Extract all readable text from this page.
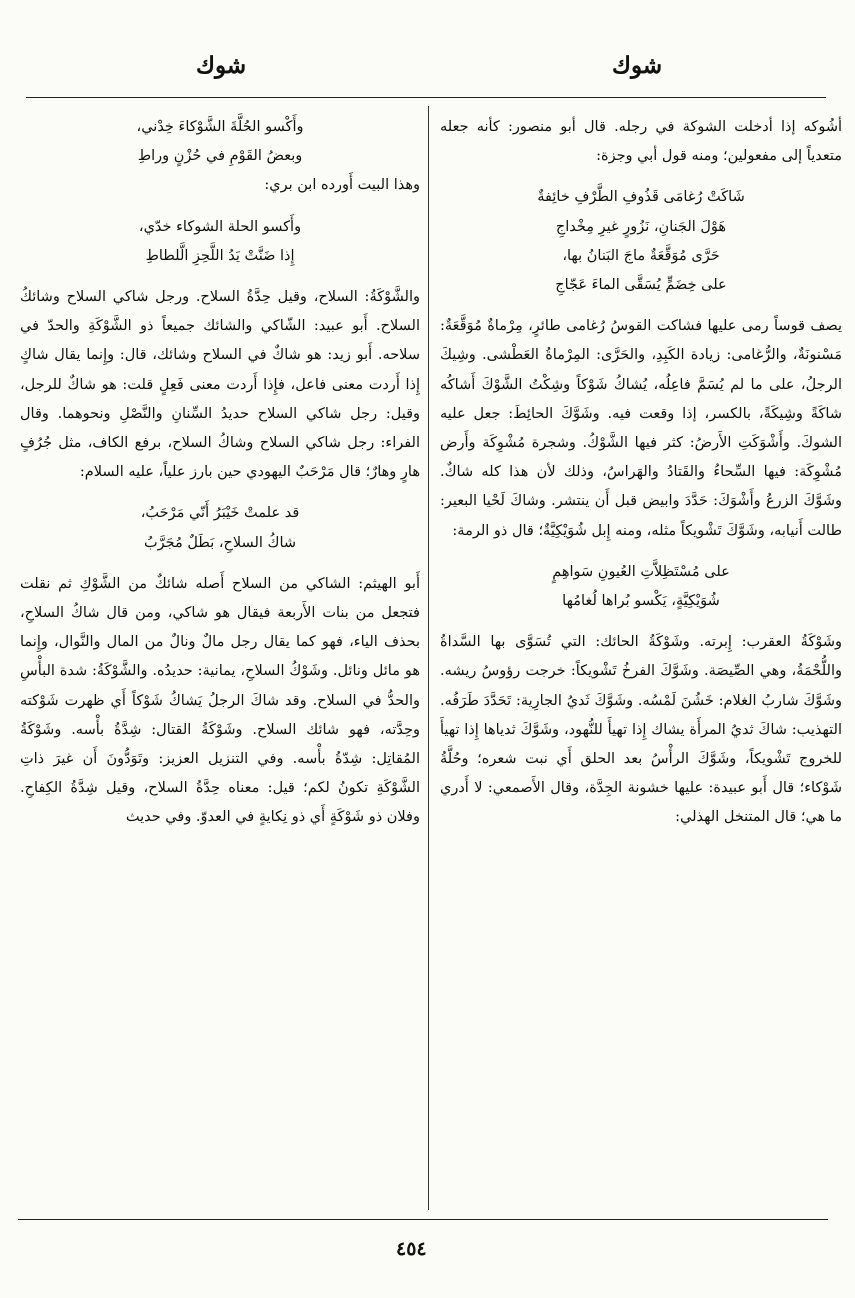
شوك
شوك

أشُوكه إذا أدخلت الشوكة في رجله. قال أبو منصور: كأنه جعله متعدياً إلى مفعولين؛ ومنه قول أبي وجزة:

شَاكَتْ رُغامَى قَذُوفِ الطَّرْفِ خائِفةٌ

هَوْلَ الجَنانِ، نَزُورٍ غيرِ مِخْداجِ

حَرَّى مُوَقَّعَةٌ ماجَ البَنانُ بها،

على خِضَمٍّ يُسَقَّى الماءَ عَجّاجِ

يصف قوساً رمى عليها فشاكت القوسُ رُغامى طائرٍ، مِرْماةٌ مُوَقَّعَةٌ: مَسْنونَةٌ، والرُّغامى: زيادة الكَبِدِ، والحَرَّى: المِرْماةُ العَطْشى. وشِيكَ الرجلُ، على ما لم يُسَمَّ فاعِلُه، يُشاكُ شَوْكاً وشِكْتُ الشَّوْكَ أَشاكُه شاكَةً وشِيكَةً، بالكسر، إذا وقعت فيه. وشَوَّكَ الحائِطَ: جعل عليه الشوكَ. وأَشْوَكَتِ الأَرضُ: كثر فيها الشَّوْكُ. وشجرة مُشْوِكَة وأَرض مُشْوِكَة: فيها السِّحاءُ والقَتادُ والهَراسُ، وذلك لأن هذا كله شاكٌ. وشَوَّكَ الزرعُ وأَشْوَكَ: حَدَّدَ وابيض قبل أَن ينتشر. وشاكَ لَحْيا البعير: طالت أَنيابه، وشَوَّكَ تَشْويكاً مثله، ومنه إِبل شُوَيْكِيَّةٌ؛ قال ذو الرمة:

على مُسْتَظِلاَّتِ العُيونِ سَواهِمٍ

شُوَيْكِيَّةٍ، يَكْسو بُراها لُغامُها

وشَوْكَةُ العقرب: إِبرته. وشَوْكَةُ الحائك: التي تُسَوَّى بها السَّداةُ واللُّحْمَةُ، وهي الصِّيصَة. وشَوَّكَ الفرخُ تَشْويكاً: خرجت رؤوسُ ريشه. وشَوَّكَ شاربُ الغلام: خَشُنَ لَمْسُه. وشَوَّكَ ثَديُ الجارِية: تَحَدَّدَ طَرَفُه. التهذيب: شاكَ ثديُ المرأَة يشاك إِذا تهيأَ للنُّهود، وشَوَّكَ ثدياها إِذا تهيأَ للخروج تَشْويكاً، وشَوَّكَ الرأْسُ بعد الحلق أَي نبت شعره؛ وحُلَّةُ شَوْكاء؛ قال أَبو عبيدة: عليها خشونة الجِدَّة، وقال الأَصمعي: لا أَدري ما هي؛ قال المتنخل الهذلي:

وأَكْسو الحُلَّةَ الشَّوْكاءَ خِدْني،

وبعضُ القَوْمِ في حُزْنٍ وراطِ

وهذا البيت أَورده ابن بري:

وأَكسو الحلة الشوكاء خدّي،

إِذا ضَنَّتْ يَدُ اللَّحِزِ الَّلطاطِ

والشَّوْكَةُ: السلاح، وقيل حِدَّةُ السلاح. ورجل شاكي السلاح وشائكُ السلاح. أَبو عبيد: الشّاكي والشائك جميعاً ذو الشَّوْكَةِ والحدّ في سلاحه. أَبو زيد: هو شاكٌ في السلاح وشائك، قال: وإِنما يقال شاكٍ إِذا أَردت معنى فاعل، فإِذا أَردت معنى فَعِلٍ قلت: هو شاكٌ للرجل، وقيل: رجل شاكي السلاح حديدُ السِّنانِ والنَّصْلِ ونحوهما. وقال الفراء: رجل شاكي السلاح وشاكُ السلاح، برفع الكاف، مثل جُرُفٍ هارٍ وهارٌ؛ قال مَرْحَبٌ اليهودي حين بارز علياً، عليه السلام:

قد علمتْ خَيْبَرُ أَنّي مَرْحَبُ،

شاكُ السلاحِ، بَطَلٌ مُجَرَّبُ

أَبو الهيثم: الشاكي من السلاح أَصله شائكٌ من الشَّوْكِ ثم نقلت فتجعل من بنات الأَربعة فيقال هو شاكي، ومن قال شاكُ السلاحِ، بحذف الياء، فهو كما يقال رجل مالٌ ونالٌ من المال والنَّوال، وإِنما هو مائل ونائل. وشَوْكُ السلاحِ، يمانية: حديدُه. والشَّوْكَةُ: شدة البأْسِ والحدُّ في السلاح. وقد شاكَ الرجلُ يَشاكُ شَوْكاً أَي ظهرت شَوْكته وحِدَّته، فهو شائك السلاح. وشَوْكَةُ القتال: شِدَّةُ بأْسه. وشَوْكَةُ المُقاتِل: شِدّةُ بأْسه. وفي التنزيل العزيز: وتَوَدُّونَ أَن غيرَ ذاتِ الشَّوْكَةِ تكونُ لكم؛ قيل: معناه حِدَّةُ السلاح، وقيل شِدَّةُ الكِفاحِ. وفلان ذو شَوْكَةٍ أَي ذو نِكايةٍ في العدوّ. وفي حديث

٤٥٤
